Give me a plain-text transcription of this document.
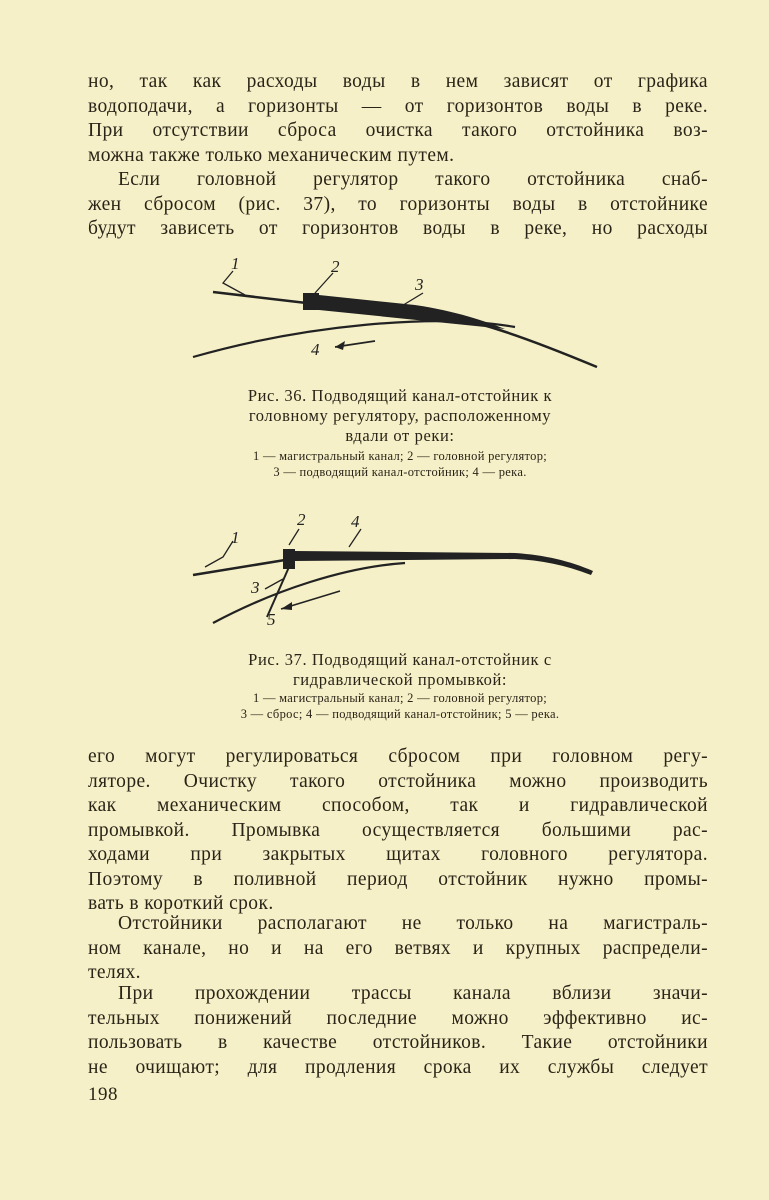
но, так как расходы воды в нем зависят от графика
водоподачи, а горизонты — от горизонтов воды в реке.
При отсутствии сброса очистка такого отстойника воз-
можна также только механическим путем.
Если головной регулятор такого отстойника снаб-
жен сбросом (рис. 37), то горизонты воды в отстойнике
будут зависеть от горизонтов воды в реке, но расходы
1	2
3
4
Рис. 36. Подводящий канал-отстойник к
головному регулятору, расположенному
вдали от реки:
1 — магистральный канал; 2 — головной регулятор;
3 — подводящий канал-отстойник; 4 — река.
1
2
3
4
5
Рис. 37. Подводящий канал-отстойник с
гидравлической промывкой:
1 — магистральный канал; 2 — головной регулятор;
3 — сброс; 4 — подводящий канал-отстойник; 5 — река.
его могут регулироваться сбросом при головном регу-
ляторе. Очистку такого отстойника можно производить
как механическим способом, так и гидравлической
промывкой. Промывка осуществляется большими рас-
ходами при закрытых щитах головного регулятора.
Поэтому в поливной период отстойник нужно промы-
вать в короткий срок.
Отстойники располагают не только на магистраль-
ном канале, но и на его ветвях и крупных распредели-
телях.
При прохождении трассы канала вблизи значи-
тельных понижений последние можно эффективно ис-
пользовать в качестве отстойников. Такие отстойники
не очищают; для продления срока их службы следует
198
